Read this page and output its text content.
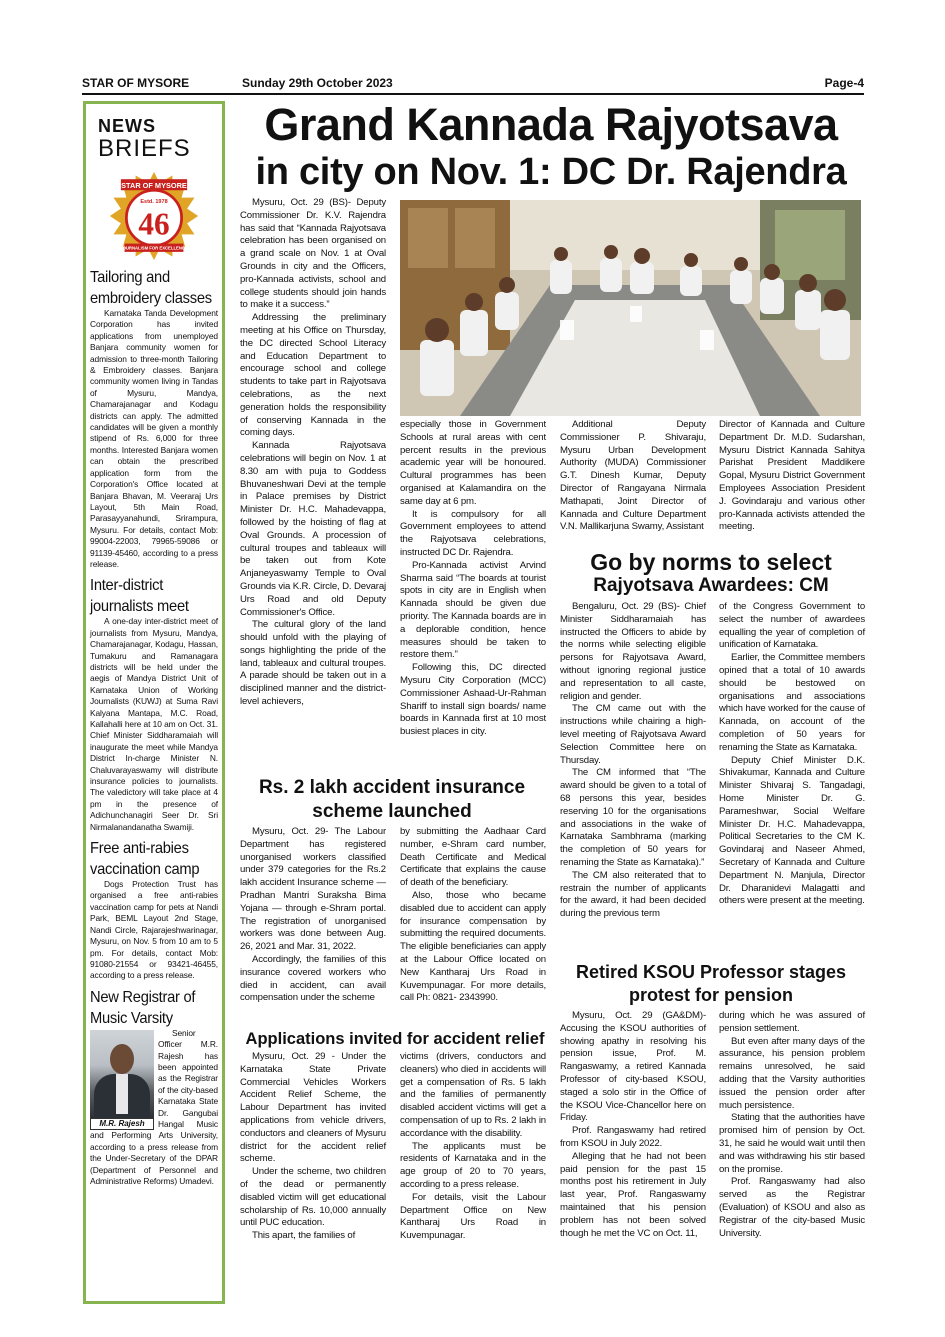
STAR OF MYSORE	Sunday 29th October 2023	Page-4
NEWS
BRIEFS
STAR OF MYSORE
Estd. 1978
46
JOURNALISM FOR EXCELLENCE
Tailoring and
embroidery classes

Karnataka Tanda Development Corporation has invited applications from unemployed Banjara community women for admission to three-month Tailoring & Embroidery classes. Banjara community women living in Tandas of Mysuru, Mandya, Chamarajanagar and Kodagu districts can apply. The admitted candidates will be given a monthly stipend of Rs. 6,000 for three months. Interested Banjara women can obtain the prescribed application form from the Corporation's Office located at Banjara Bhavan, M. Veeraraj Urs Layout, 5th Main Road, Parasayyanahundi, Srirampura, Mysuru. For details, contact Mob: 99004-22003, 79965-59086 or 91139-45460, according to a press release.

Inter-district
journalists meet

A one-day inter-district meet of journalists from Mysuru, Mandya, Chamarajanagar, Kodagu, Hassan, Tumakuru and Ramanagara districts will be held under the aegis of Mandya District Unit of Karnataka Union of Working Journalists (KUWJ) at Suma Ravi Kalyana Mantapa, M.C. Road, Kallahalli here at 10 am on Oct. 31. Chief Minister Siddharamaiah will inaugurate the meet while Mandya District In-charge Minister N. Chaluvarayaswamy will distribute insurance policies to journalists. The valedictory will take place at 4 pm in the presence of Adichunchanagiri Seer Dr. Sri Nirmalanandanatha Swamiji.

Free anti-rabies
vaccination camp

Dogs Protection Trust has organised a free anti-rabies vaccination camp for pets at Nandi Park, BEML Layout 2nd Stage, Nandi Circle, Rajarajeshwarinagar, Mysuru, on Nov. 5 from 10 am to 5 pm. For details, contact Mob: 91080-21554 or 93421-46455, according to a press release.

New Registrar of
Music Varsity
M.R. Rajesh

Senior Officer M.R. Rajesh has been appointed as the Registrar of the city-based Karnataka State Dr. Gangubai Hangal Music and Performing Arts University, according to a press release from the Under-Secretary of the DPAR (Department of Personnel and Administrative Reforms) Umadevi.

Grand Kannada Rajyotsava
in city on Nov. 1: DC Dr. Rajendra

Mysuru, Oct. 29 (BS)- Deputy Commissioner Dr. K.V. Rajendra has said that “Kannada Rajyotsava celebration has been organised on a grand scale on Nov. 1 at Oval Grounds in city and the Officers, pro-Kannada activists, school and college students should join hands to make it a success.”

Addressing the preliminary meeting at his Office on Thursday, the DC directed School Literacy and Education Department to encourage school and college students to take part in Rajyotsava celebrations, as the next generation holds the responsibility of conserving Kannada in the coming days.

Kannada Rajyotsava celebrations will begin on Nov. 1 at 8.30 am with puja to Goddess Bhuvaneshwari Devi at the temple in Palace premises by District Minister Dr. H.C. Mahadevappa, followed by the hoisting of flag at Oval Grounds. A procession of cultural troupes and tableaux will be taken out from Kote Anjaneyaswamy Temple to Oval Grounds via K.R. Circle, D. Devaraj Urs Road and old Deputy Commissioner's Office.

The cultural glory of the land should unfold with the playing of songs highlighting the pride of the land, tableaux and cultural troupes. A parade should be taken out in a disciplined manner and the district-level achievers,

especially those in Government Schools at rural areas with cent percent results in the previous academic year will be honoured. Cultural programmes has been organised at Kalamandira on the same day at 6 pm.

It is compulsory for all Government employees to attend the Rajyotsava celebrations, instructed DC Dr. Rajendra.

Pro-Kannada activist Arvind Sharma said “The boards at tourist spots in city are in English when Kannada should be given due priority. The Kannada boards are in a deplorable condition, hence measures should be taken to restore them.”

Following this, DC directed Mysuru City Corporation (MCC) Commissioner Ashaad-Ur-Rahman Shariff to install sign boards/ name boards in Kannada first at 10 most busiest places in city.

Additional Deputy Commissioner P. Shivaraju, Mysuru Urban Development Authority (MUDA) Commissioner G.T. Dinesh Kumar, Deputy Director of Rangayana Nirmala Mathapati, Joint Director of Kannada and Culture Department V.N. Mallikarjuna Swamy, Assistant

Director of Kannada and Culture Department Dr. M.D. Sudarshan, Mysuru District Kannada Sahitya Parishat President Maddikere Gopal, Mysuru District Government Employees Association President J. Govindaraju and various other pro-Kannada activists attended the meeting.

Go by norms to select
Rajyotsava Awardees: CM

Bengaluru, Oct. 29 (BS)- Chief Minister Siddharamaiah has instructed the Officers to abide by the norms while selecting eligible persons for Rajyotsava Award, without ignoring regional justice and representation to all caste, religion and gender.

The CM came out with the instructions while chairing a high-level meeting of Rajyotsava Award Selection Committee here on Thursday.

The CM informed that “The award should be given to a total of 68 persons this year, besides reserving 10 for the organisations and associations in the wake of Karnataka Sambhrama (marking the completion of 50 years for renaming the State as Karnataka).”

The CM also reiterated that to restrain the number of applicants for the award, it had been decided during the previous term

of the Congress Government to select the number of awardees equalling the year of completion of unification of Karnataka.

Earlier, the Committee members opined that a total of 10 awards should be bestowed on organisations and associations which have worked for the cause of Kannada, on account of the completion of 50 years for renaming the State as Karnataka.

Deputy Chief Minister D.K. Shivakumar, Kannada and Culture Minister Shivaraj S. Tangadagi, Home Minister Dr. G. Parameshwar, Social Welfare Minister Dr. H.C. Mahadevappa, Political Secretaries to the CM K. Govindaraj and Naseer Ahmed, Secretary of Kannada and Culture Department N. Manjula, Director Dr. Dharanidevi Malagatti and others were present at the meeting.

Rs. 2 lakh accident insurance
scheme launched

Mysuru, Oct. 29- The Labour Department has registered unorganised workers classified under 379 categories for the Rs.2 lakh accident Insurance scheme — Pradhan Mantri Suraksha Bima Yojana — through e-Shram portal. The registration of unorganised workers was done between Aug. 26, 2021 and Mar. 31, 2022.

Accordingly, the families of this insurance covered workers who died in accident, can avail compensation under the scheme

by submitting the Aadhaar Card number, e-Shram card number, Death Certificate and Medical Certificate that explains the cause of death of the beneficiary.

Also, those who became disabled due to accident can apply for insurance compensation by submitting the required documents. The eligible beneficiaries can apply at the Labour Office located on New Kantharaj Urs Road in Kuvempunagar. For more details, call Ph: 0821- 2343990.

Retired KSOU Professor stages
protest for pension

Mysuru, Oct. 29 (GA&DM)- Accusing the KSOU authorities of showing apathy in resolving his pension issue, Prof. M. Rangaswamy, a retired Kannada Professor of city-based KSOU, staged a solo stir in the Office of the KSOU Vice-Chancellor here on Friday.

Prof. Rangaswamy had retired from KSOU in July 2022.

Alleging that he had not been paid pension for the past 15 months post his retirement in July last year, Prof. Rangaswamy maintained that his pension problem has not been solved though he met the VC on Oct. 11,

during which he was assured of pension settlement.

But even after many days of the assurance, his pension problem remains unresolved, he said adding that the Varsity authorities issued the pension order after much persistence.

Stating that the authorities have promised him of pension by Oct. 31, he said he would wait until then and was withdrawing his stir based on the promise.

Prof. Rangaswamy had also served as the Registrar (Evaluation) of KSOU and also as Registrar of the city-based Music University.

Applications invited for accident relief

Mysuru, Oct. 29 - Under the Karnataka State Private Commercial Vehicles Workers Accident Relief Scheme, the Labour Department has invited applications from vehicle drivers, conductors and cleaners of Mysuru district for the accident relief scheme.

Under the scheme, two children of the dead or permanently disabled victim will get educational scholarship of Rs. 10,000 annually until PUC education.

This apart, the families of

victims (drivers, conductors and cleaners) who died in accidents will get a compensation of Rs. 5 lakh and the families of permanently disabled accident victims will get a compensation of up to Rs. 2 lakh in accordance with the disability.

The applicants must be residents of Karnataka and in the age group of 20 to 70 years, according to a press release.

For details, visit the Labour Department Office on New Kantharaj Urs Road in Kuvempunagar.
